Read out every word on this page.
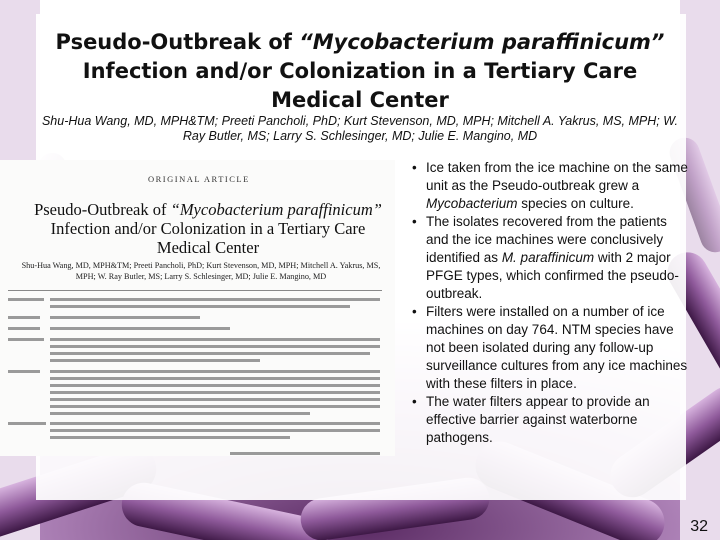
Pseudo-Outbreak of “Mycobacterium paraffinicum” Infection and/or Colonization in a Tertiary Care Medical Center
Shu-Hua Wang, MD, MPH&TM; Preeti Pancholi, PhD; Kurt Stevenson, MD, MPH; Mitchell A. Yakrus, MS, MPH; W. Ray Butler, MS; Larry S. Schlesinger, MD; Julie E. Mangino, MD
ORIGINAL ARTICLE
Pseudo-Outbreak of “Mycobacterium paraffinicum” Infection and/or Colonization in a Tertiary Care Medical Center
Shu-Hua Wang, MD, MPH&TM; Preeti Pancholi, PhD; Kurt Stevenson, MD, MPH; Mitchell A. Yakrus, MS, MPH; W. Ray Butler, MS; Larry S. Schlesinger, MD; Julie E. Mangino, MD
• Ice taken from the ice machine on the same unit as the Pseudo-outbreak grew a Mycobacterium species on culture.
• The isolates recovered from the patients and the ice machines were conclusively identified as M. paraffinicum with 2 major PFGE types, which confirmed the pseudo-outbreak.
• Filters were installed on a number of ice machines on day 764. NTM species have not been isolated during any follow-up surveillance cultures from any ice machines with these filters in place.
• The water filters appear to provide an effective barrier against waterborne pathogens.
32
